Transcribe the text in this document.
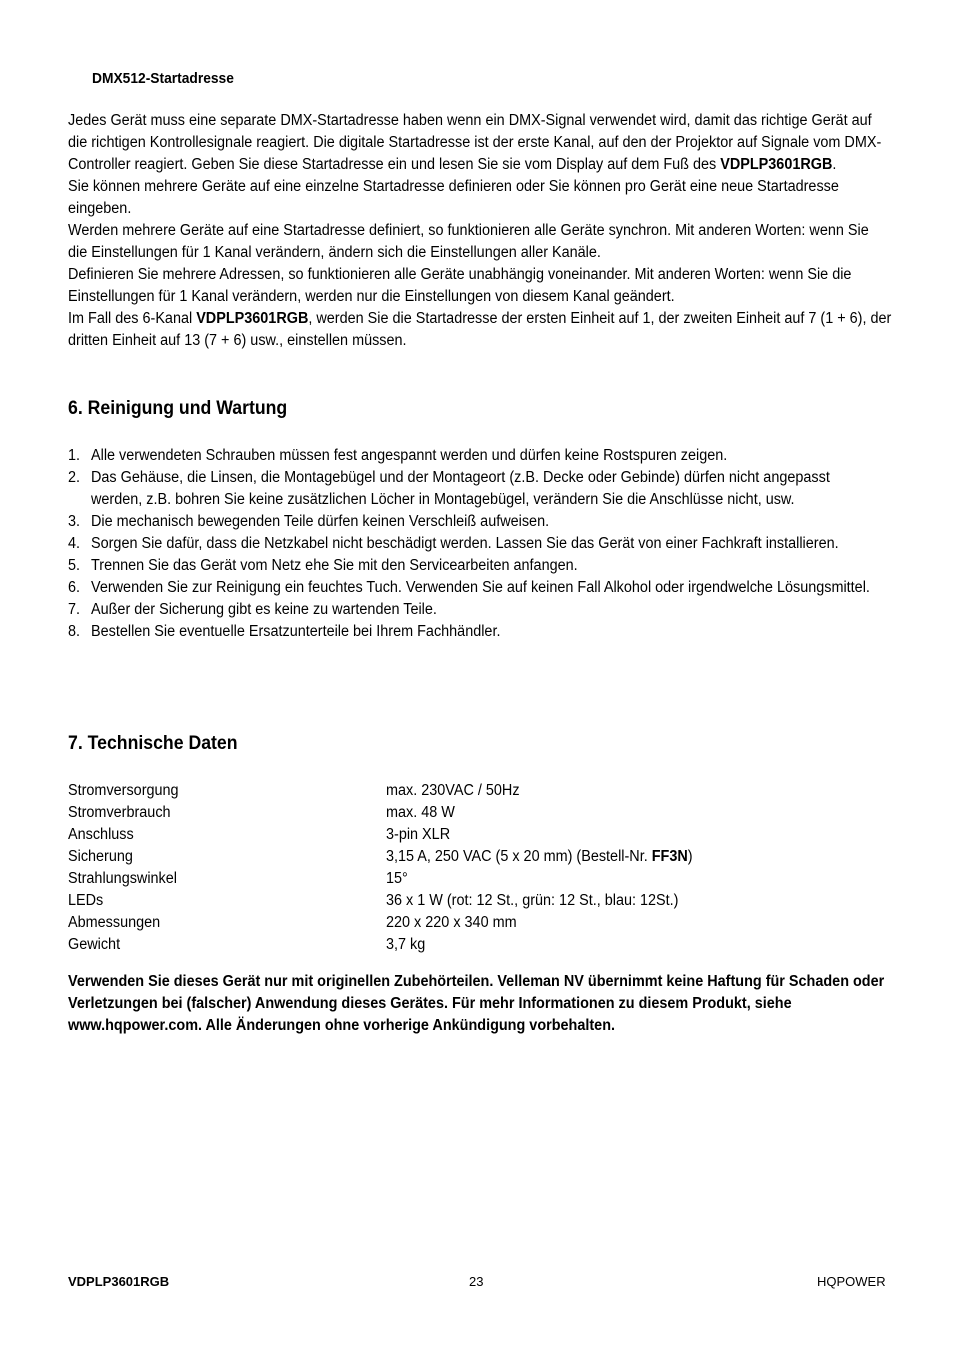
DMX512-Startadresse

Jedes Gerät muss eine separate DMX-Startadresse haben wenn ein DMX-Signal verwendet wird, damit das richtige Gerät auf die richtigen Kontrollesignale reagiert. Die digitale Startadresse ist der erste Kanal, auf den der Projektor auf Signale vom DMX-Controller reagiert. Geben Sie diese Startadresse ein und lesen Sie sie vom Display auf dem Fuß des VDPLP3601RGB.

Sie können mehrere Geräte auf eine einzelne Startadresse definieren oder Sie können pro Gerät eine neue Startadresse eingeben.

Werden mehrere Geräte auf eine Startadresse definiert, so funktionieren alle Geräte synchron. Mit anderen Worten: wenn Sie die Einstellungen für 1 Kanal verändern, ändern sich die Einstellungen aller Kanäle.

Definieren Sie mehrere Adressen, so funktionieren alle Geräte unabhängig voneinander. Mit anderen Worten: wenn Sie die Einstellungen für 1 Kanal verändern, werden nur die Einstellungen von diesem Kanal geändert.

Im Fall des 6-Kanal VDPLP3601RGB, werden Sie die Startadresse der ersten Einheit auf 1, der zweiten Einheit auf 7 (1 + 6), der dritten Einheit auf 13 (7 + 6) usw., einstellen müssen.

6. Reinigung und Wartung
1. Alle verwendeten Schrauben müssen fest angespannt werden und dürfen keine Rostspuren zeigen.
2. Das Gehäuse, die Linsen, die Montagebügel und der Montageort (z.B. Decke oder Gebinde) dürfen nicht angepasst werden, z.B. bohren Sie keine zusätzlichen Löcher in Montagebügel, verändern Sie die Anschlüsse nicht, usw.
3. Die mechanisch bewegenden Teile dürfen keinen Verschleiß aufweisen.
4. Sorgen Sie dafür, dass die Netzkabel nicht beschädigt werden. Lassen Sie das Gerät von einer Fachkraft installieren.
5. Trennen Sie das Gerät vom Netz ehe Sie mit den Servicearbeiten anfangen.
6. Verwenden Sie zur Reinigung ein feuchtes Tuch. Verwenden Sie auf keinen Fall Alkohol oder irgendwelche Lösungsmittel.
7. Außer der Sicherung gibt es keine zu wartenden Teile.
8. Bestellen Sie eventuelle Ersatzunterteile bei Ihrem Fachhändler.
7. Technische Daten
Stromversorgung	max. 230VAC / 50Hz
Stromverbrauch	max. 48 W
Anschluss	3-pin XLR
Sicherung	3,15 A, 250 VAC (5 x 20 mm) (Bestell-Nr. FF3N)
Strahlungswinkel	15°
LEDs	36 x 1 W (rot: 12 St., grün: 12 St., blau: 12St.)
Abmessungen	220 x 220 x 340 mm
Gewicht	3,7 kg

Verwenden Sie dieses Gerät nur mit originellen Zubehörteilen. Velleman NV übernimmt keine Haftung für Schaden oder Verletzungen bei (falscher) Anwendung dieses Gerätes. Für mehr Informationen zu diesem Produkt, siehe www.hqpower.com. Alle Änderungen ohne vorherige Ankündigung vorbehalten.

VDPLP3601RGB	23	HQPOWER
